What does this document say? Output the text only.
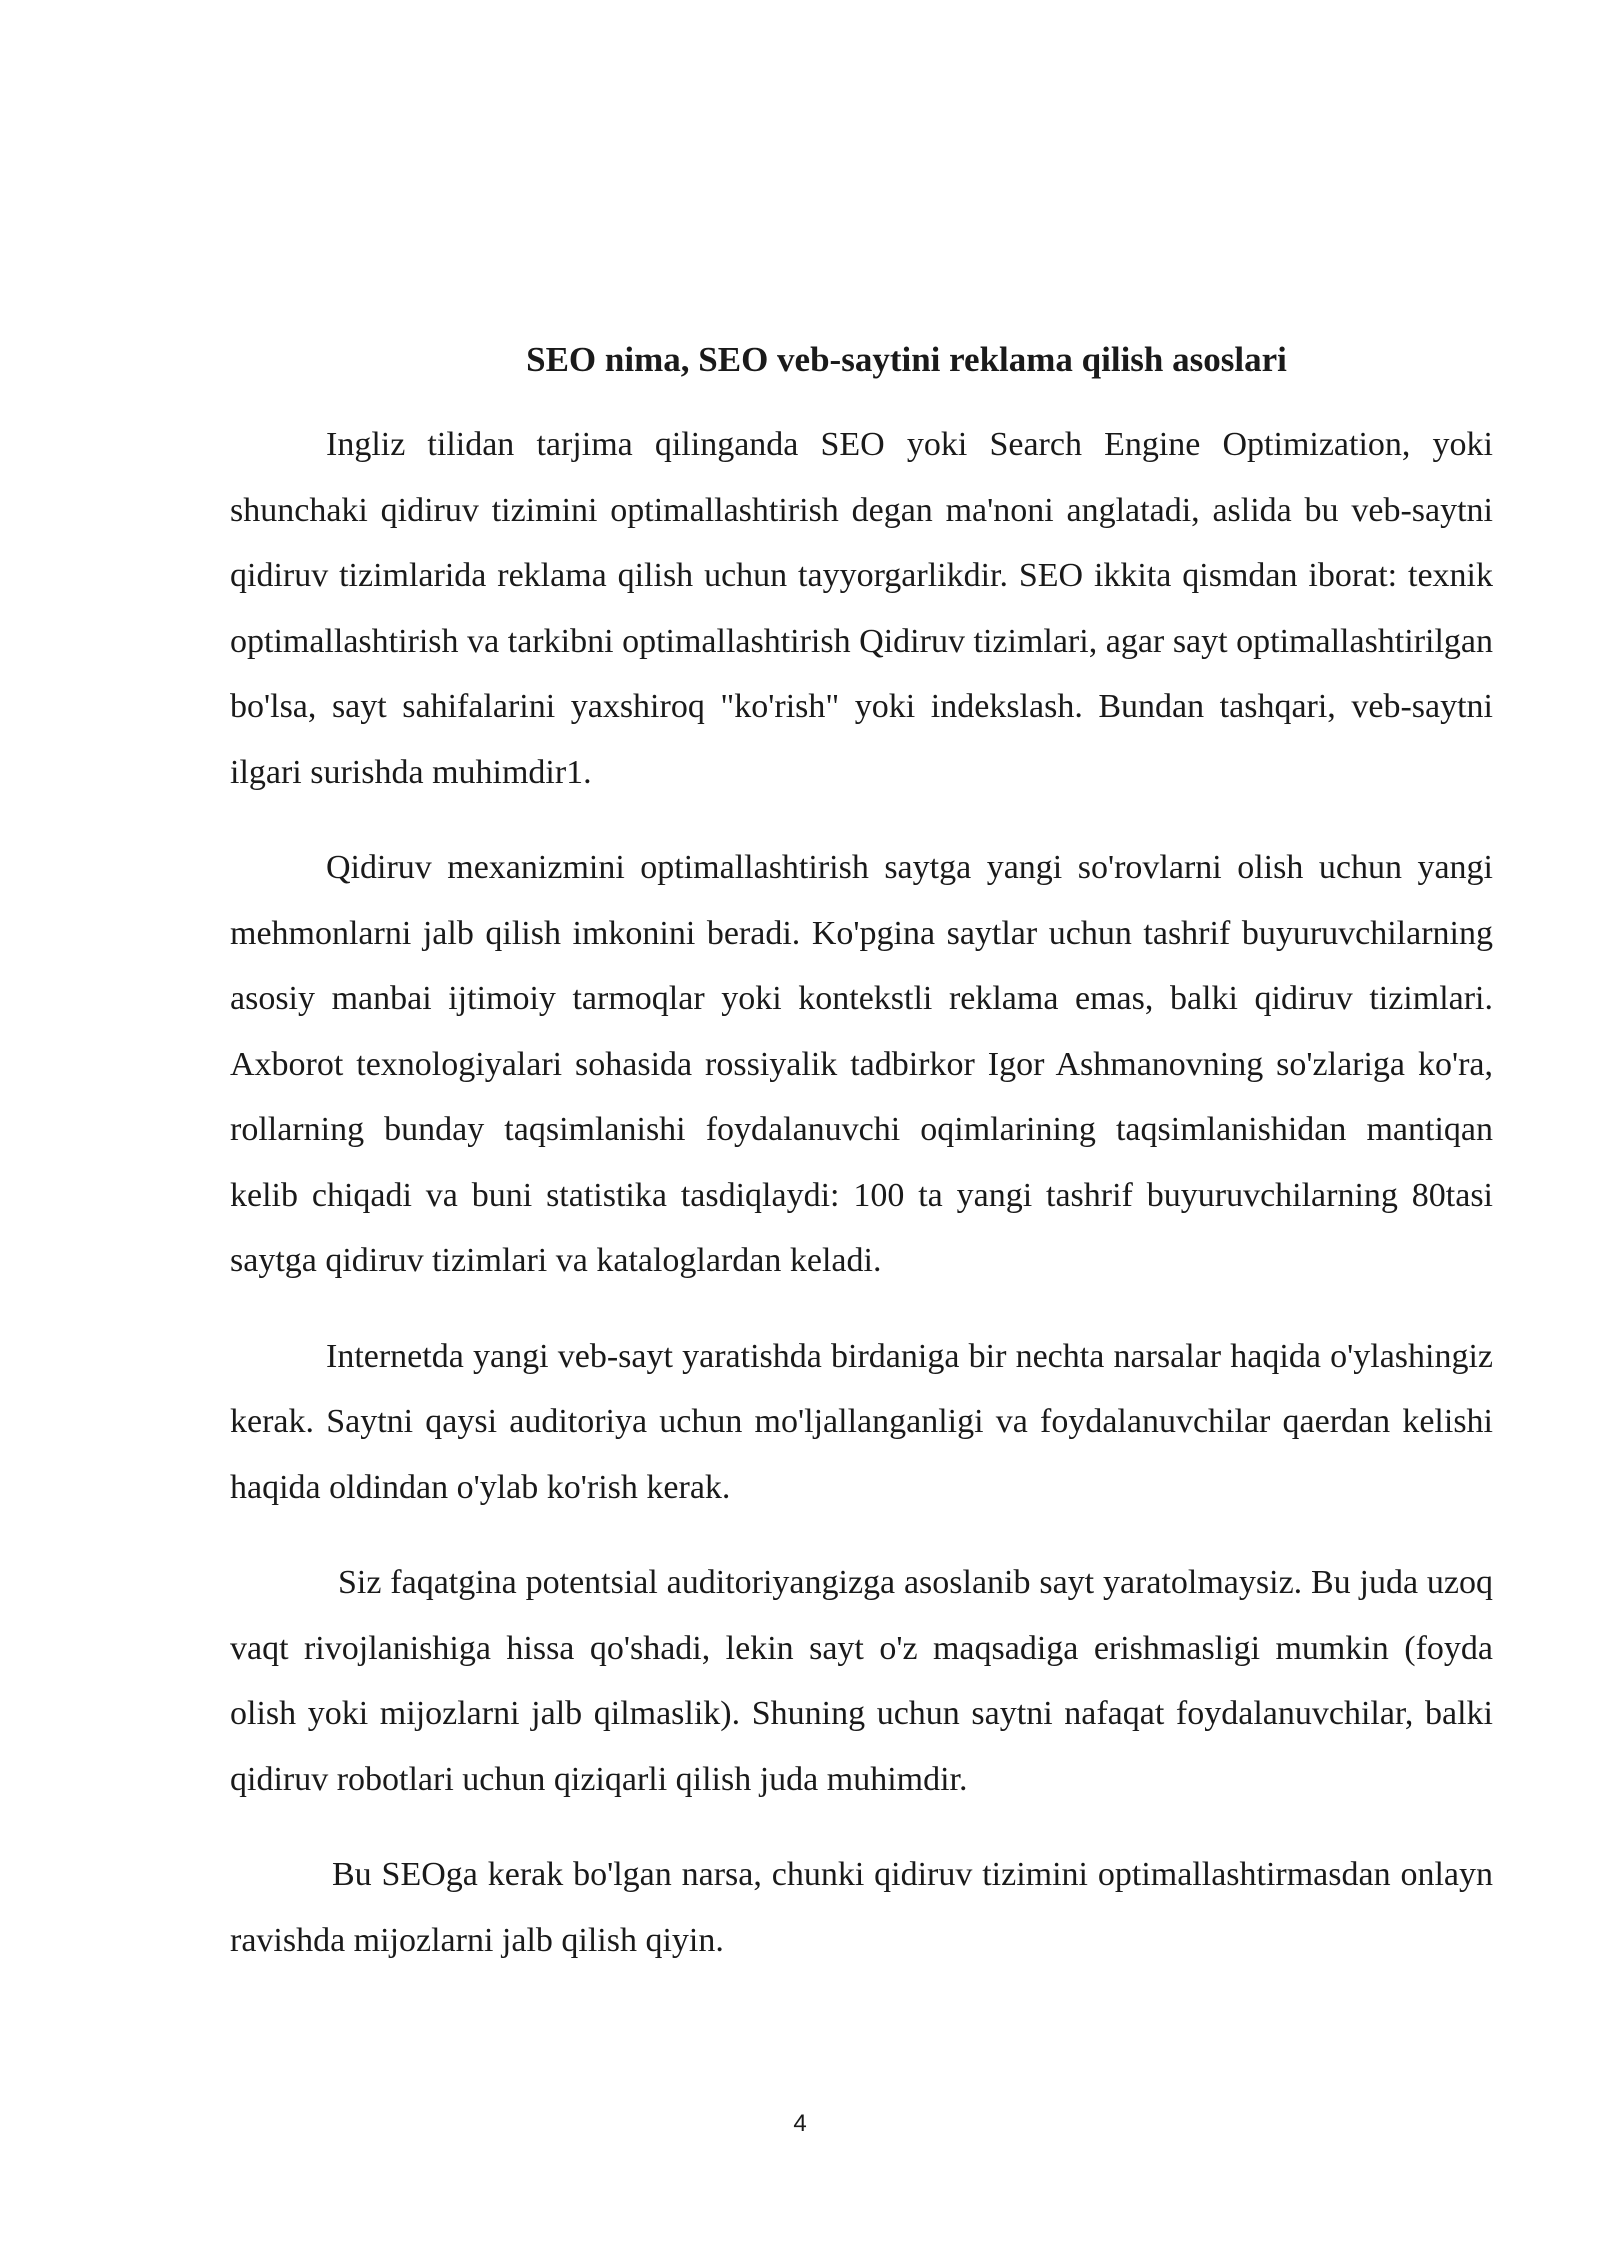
SEO nima, SEO veb-saytini reklama qilish asoslari

Ingliz tilidan tarjima qilinganda SEO yoki Search Engine Optimization, yoki shunchaki qidiruv tizimini optimallashtirish degan ma'noni anglatadi, aslida bu veb-saytni qidiruv tizimlarida reklama qilish uchun tayyorgarlikdir. SEO ikkita qismdan iborat: texnik optimallashtirish va tarkibni optimallashtirish Qidiruv tizimlari, agar sayt optimallashtirilgan bo'lsa, sayt sahifalarini yaxshiroq "ko'rish" yoki indekslash. Bundan tashqari, veb-saytni ilgari surishda muhimdir1.

Qidiruv mexanizmini optimallashtirish saytga yangi so'rovlarni olish uchun yangi mehmonlarni jalb qilish imkonini beradi. Ko'pgina saytlar uchun tashrif buyuruvchilarning asosiy manbai ijtimoiy tarmoqlar yoki kontekstli reklama emas, balki qidiruv tizimlari. Axborot texnologiyalari sohasida rossiyalik tadbirkor Igor Ashmanovning so'zlariga ko'ra, rollarning bunday taqsimlanishi foydalanuvchi oqimlarining taqsimlanishidan mantiqan kelib chiqadi va buni statistika tasdiqlaydi: 100 ta yangi tashrif buyuruvchilarning 80tasi saytga qidiruv tizimlari va kataloglardan keladi.

Internetda yangi veb-sayt yaratishda birdaniga bir nechta narsalar haqida o'ylashingiz kerak. Saytni qaysi auditoriya uchun mo'ljallanganligi va foydalanuvchilar qaerdan kelishi haqida oldindan o'ylab ko'rish kerak.

Siz faqatgina potentsial auditoriyangizga asoslanib sayt yaratolmaysiz. Bu juda uzoq vaqt rivojlanishiga hissa qo'shadi, lekin sayt o'z maqsadiga erishmasligi mumkin (foyda olish yoki mijozlarni jalb qilmaslik). Shuning uchun saytni nafaqat foydalanuvchilar, balki qidiruv robotlari uchun qiziqarli qilish juda muhimdir.

Bu SEOga kerak bo'lgan narsa, chunki qidiruv tizimini optimallashtirmasdan onlayn ravishda mijozlarni jalb qilish qiyin.

4
